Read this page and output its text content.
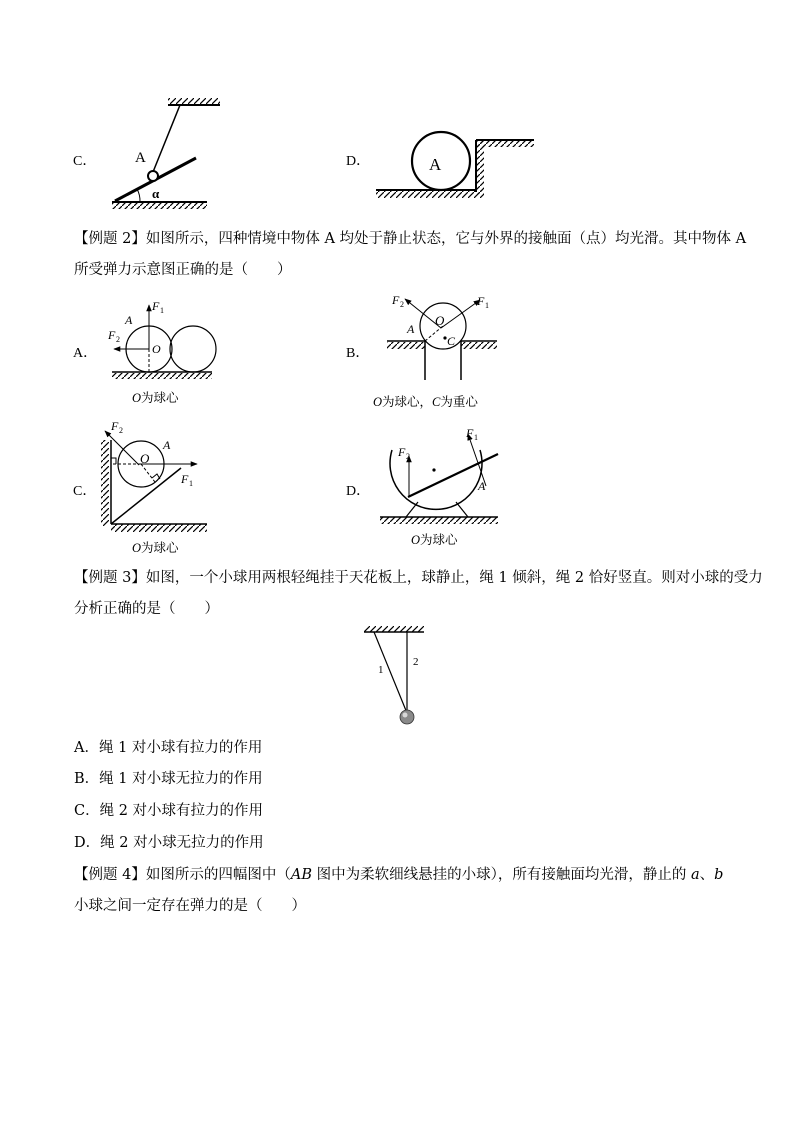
C．	A
α
D．	A
【例题 2】如图所示，四种情境中物体 A 均处于静止状态，它与外界的接触面（点）均光滑。其中物体 A
所受弹力示意图正确的是（　　）
A．
F 1
F 2
A
O
O为球心
B．
F 2	F 1
A
O
C
O为球心，C为重心
C．
F 2
F 1
A
O
O为球心
D．
F 2
F 1
A
O为球心
【例题 3】如图，一个小球用两根轻绳挂于天花板上，球静止，绳 1 倾斜，绳 2 恰好竖直。则对小球的受力
分析正确的是（　　）
1
2
A．绳 1 对小球有拉力的作用
B．绳 1 对小球无拉力的作用
C．绳 2 对小球有拉力的作用
D．绳 2 对小球无拉力的作用
【例题 4】如图所示的四幅图中（AB 图中为柔软细线悬挂的小球），所有接触面均光滑，静止的 a、b
小球之间一定存在弹力的是（　　）
